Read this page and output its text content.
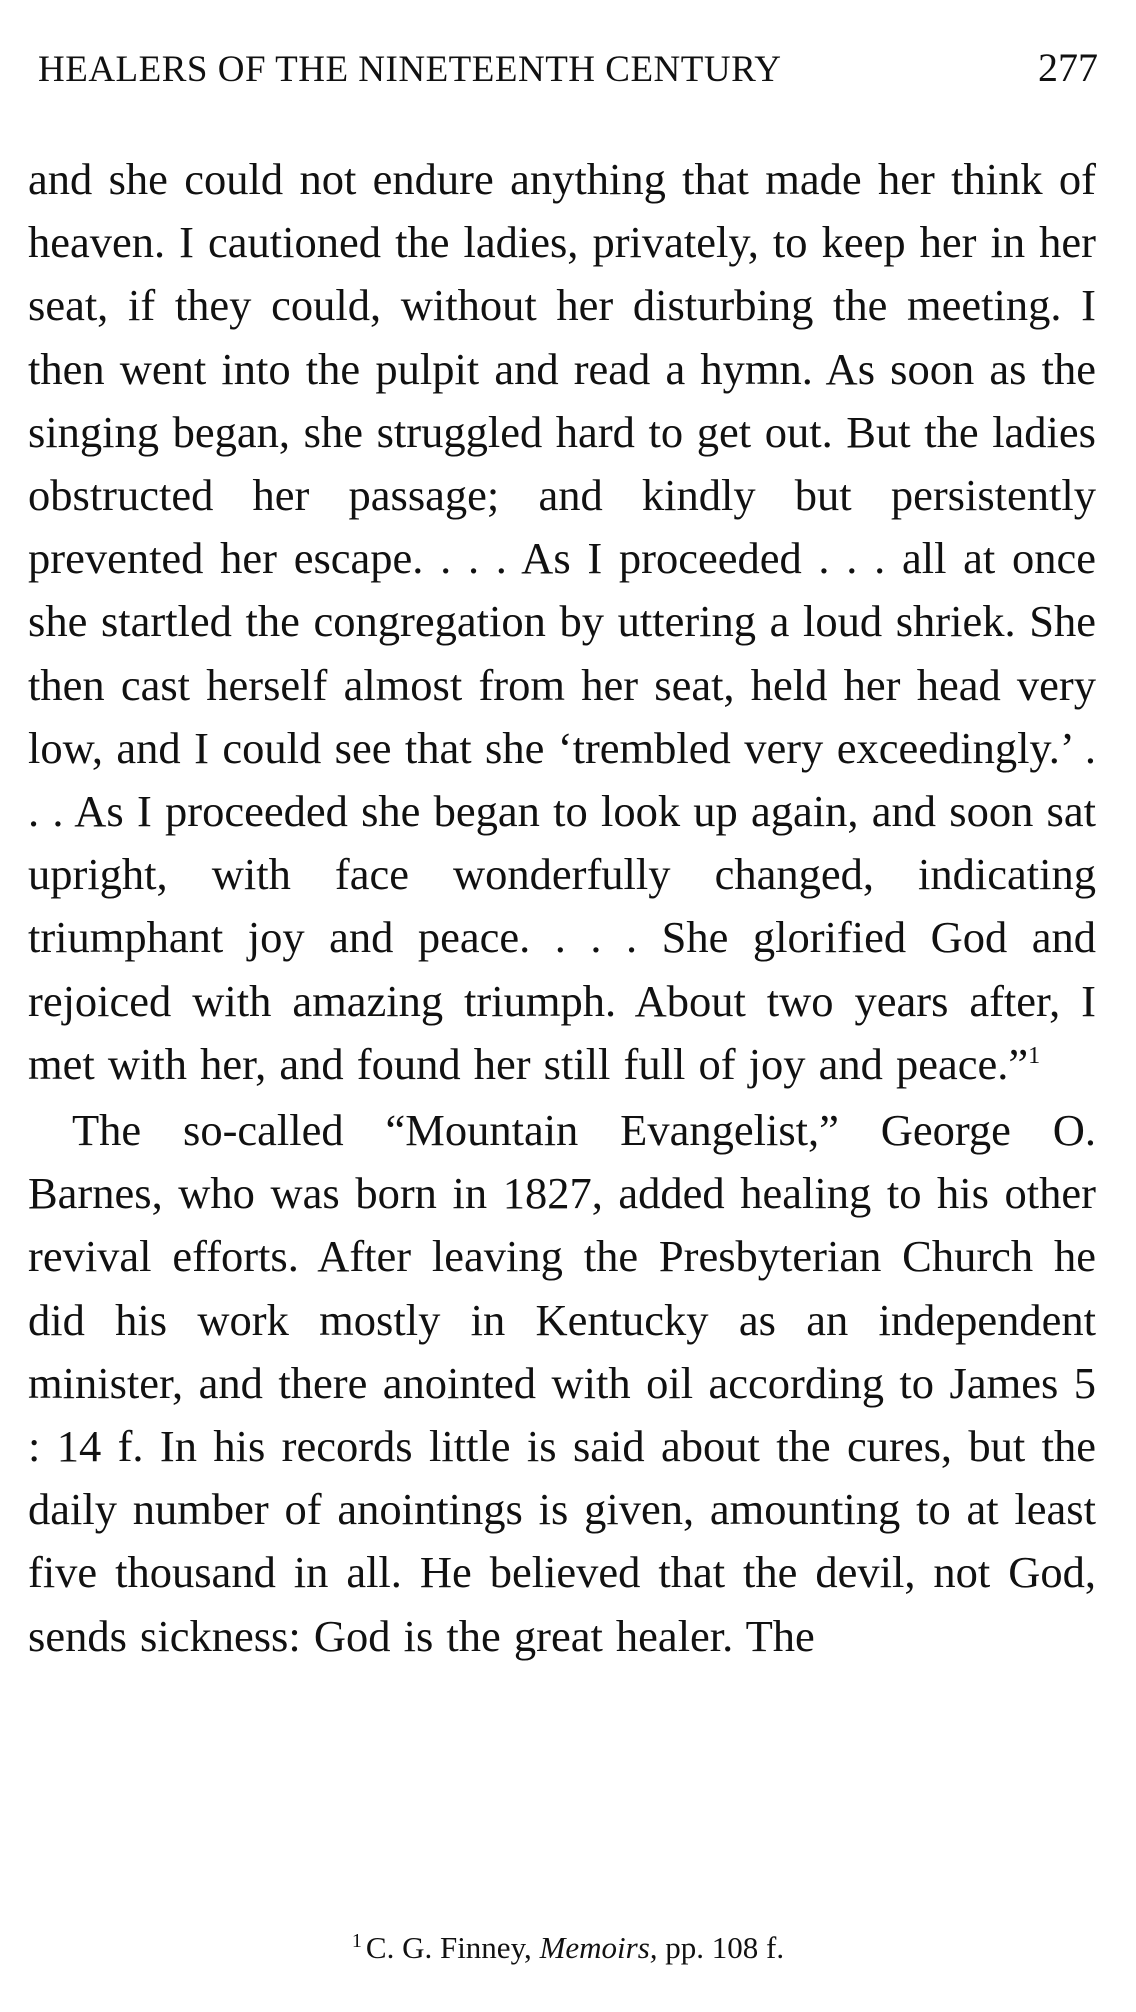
HEALERS OF THE NINETEENTH CENTURY	277

and she could not endure anything that made her think of heaven. I cautioned the ladies, privately, to keep her in her seat, if they could, without her disturbing the meeting. I then went into the pulpit and read a hymn. As soon as the singing began, she struggled hard to get out. But the ladies obstructed her passage; and kindly but persistently prevented her escape. . . . As I proceeded . . . all at once she startled the congregation by uttering a loud shriek. She then cast herself almost from her seat, held her head very low, and I could see that she ‘trembled very exceedingly.’ . . . As I proceeded she began to look up again, and soon sat upright, with face wonderfully changed, indicating triumphant joy and peace. . . . She glorified God and rejoiced with amazing triumph. About two years after, I met with her, and found her still full of joy and peace.”$^1$

The so-called “Mountain Evangelist,” George O. Barnes, who was born in 1827, added healing to his other revival efforts. After leaving the Presbyterian Church he did his work mostly in Kentucky as an independent minister, and there anointed with oil according to James 5 : 14 f. In his records little is said about the cures, but the daily number of anointings is given, amounting to at least five thousand in all. He believed that the devil, not God, sends sickness: God is the great healer. The

$^1$ C. G. Finney, Memoirs, pp. 108 f.
